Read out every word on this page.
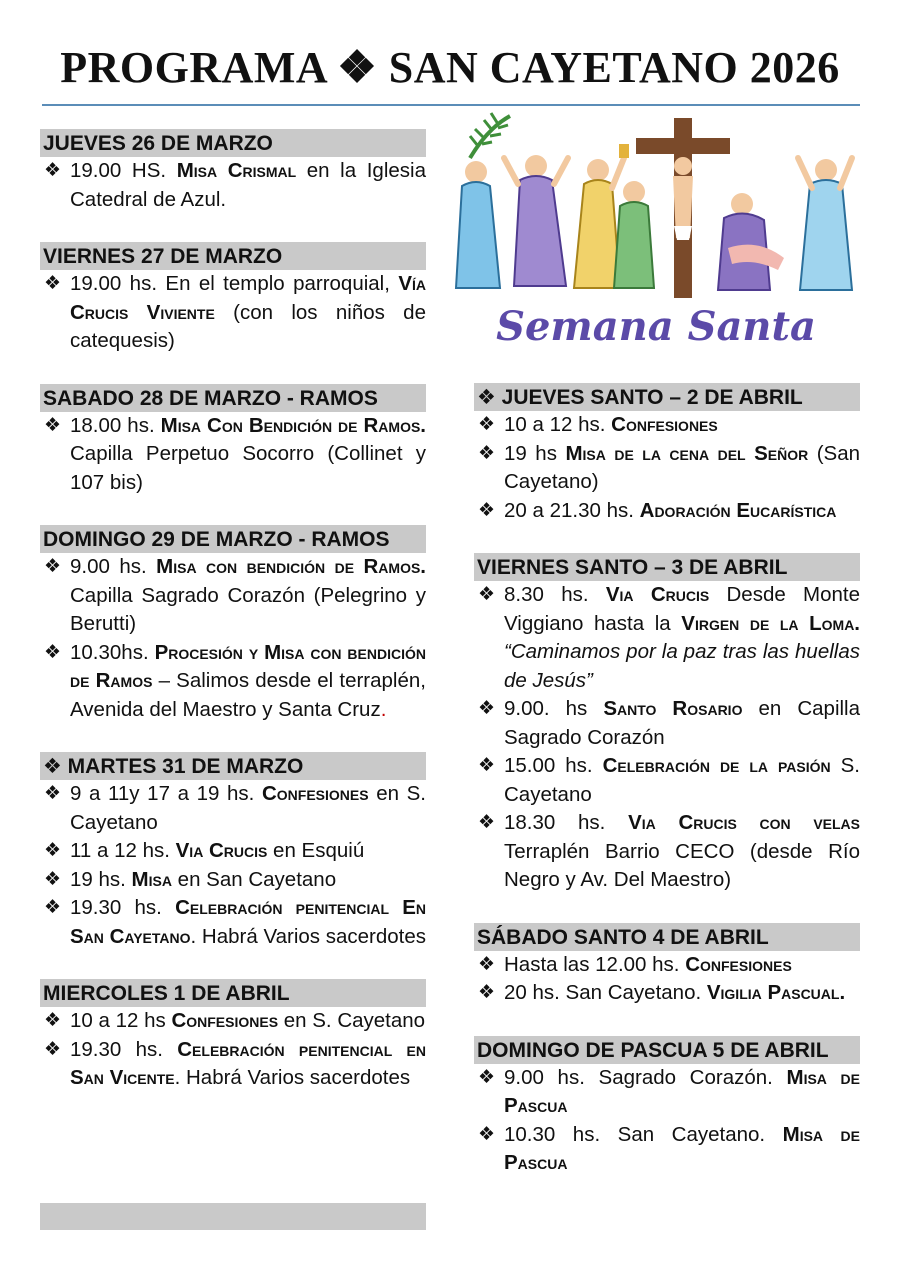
PROGRAMA ❖ SAN CAYETANO 2026
JUEVES 26 DE MARZO
❖ 19.00 HS. Misa Crismal en la Iglesia Catedral de Azul.
VIERNES 27 DE MARZO
❖ 19.00 hs. En el templo parroquial, Vía Crucis Viviente (con los niños de catequesis)
SABADO 28 DE MARZO - RAMOS
❖ 18.00 hs. Misa Con Bendición de Ramos. Capilla Perpetuo Socorro (Collinet y 107 bis)
DOMINGO 29 DE MARZO - RAMOS
❖ 9.00 hs. Misa con bendición de Ramos. Capilla Sagrado Corazón (Pelegrino y Berutti)
❖ 10.30hs. Procesión y Misa con bendición de Ramos – Salimos desde el terraplén, Avenida del Maestro y Santa Cruz.
❖ MARTES 31 DE MARZO
❖ 9 a 11y 17 a 19 hs. Confesiones en S. Cayetano
❖ 11 a 12 hs. Via Crucis en Esquiú
❖ 19 hs. Misa en San Cayetano
❖ 19.30 hs. Celebración penitencial En San Cayetano. Habrá Varios sacerdotes
MIERCOLES 1 DE ABRIL
❖ 10 a 12 hs Confesiones en S. Cayetano
❖ 19.30 hs. Celebración penitencial en San Vicente. Habrá Varios sacerdotes
❖ JUEVES SANTO – 2 DE ABRIL
❖ 10 a 12 hs. Confesiones
❖ 19 hs Misa de la cena del Señor (San Cayetano)
❖ 20 a 21.30 hs. Adoración Eucarística
VIERNES SANTO – 3 DE ABRIL
❖ 8.30 hs. Via Crucis Desde Monte Viggiano hasta la Virgen de la Loma. “Caminamos por la paz tras las huellas de Jesús”
❖ 9.00. hs Santo Rosario en Capilla Sagrado Corazón
❖ 15.00 hs. Celebración de la pasión S. Cayetano
❖ 18.30 hs. Via Crucis con velas Terraplén Barrio CECO (desde Río Negro y Av. Del Maestro)
SÁBADO SANTO 4 DE ABRIL
❖ Hasta las 12.00 hs. Confesiones
❖ 20 hs. San Cayetano. Vigilia Pascual.
DOMINGO DE PASCUA 5 DE ABRIL
❖ 9.00 hs. Sagrado Corazón. Misa de Pascua
❖ 10.30 hs. San Cayetano. Misa de Pascua
Semana Santa
